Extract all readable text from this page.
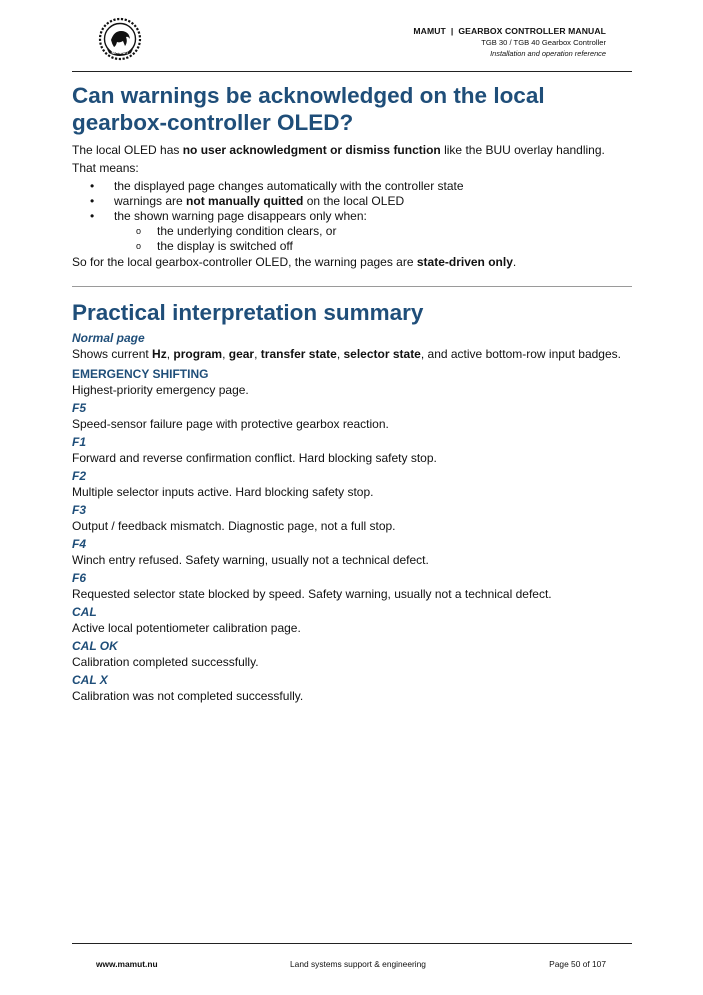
MAMUT
MAMUT  |  GEARBOX CONTROLLER MANUAL
TGB 30 / TGB 40 Gearbox Controller
Installation and operation reference
Can warnings be acknowledged on the local gearbox-controller OLED?

The local OLED has no user acknowledgment or dismiss function like the BUU overlay handling.

That means:

• the displayed page changes automatically with the controller state
• warnings are not manually quitted on the local OLED
• the shown warning page disappears only when:
o the underlying condition clears, or
o the display is switched off

So for the local gearbox-controller OLED, the warning pages are state-driven only.

Practical interpretation summary
Normal page
Shows current Hz, program, gear, transfer state, selector state, and active bottom-row input badges.
EMERGENCY SHIFTING
Highest-priority emergency page.
F5
Speed-sensor failure page with protective gearbox reaction.
F1
Forward and reverse confirmation conflict. Hard blocking safety stop.
F2
Multiple selector inputs active. Hard blocking safety stop.
F3
Output / feedback mismatch. Diagnostic page, not a full stop.
F4
Winch entry refused. Safety warning, usually not a technical defect.
F6
Requested selector state blocked by speed. Safety warning, usually not a technical defect.
CAL
Active local potentiometer calibration page.
CAL OK
Calibration completed successfully.
CAL X
Calibration was not completed successfully.
www.mamut.nu	Land systems support & engineering	Page 50 of 107
